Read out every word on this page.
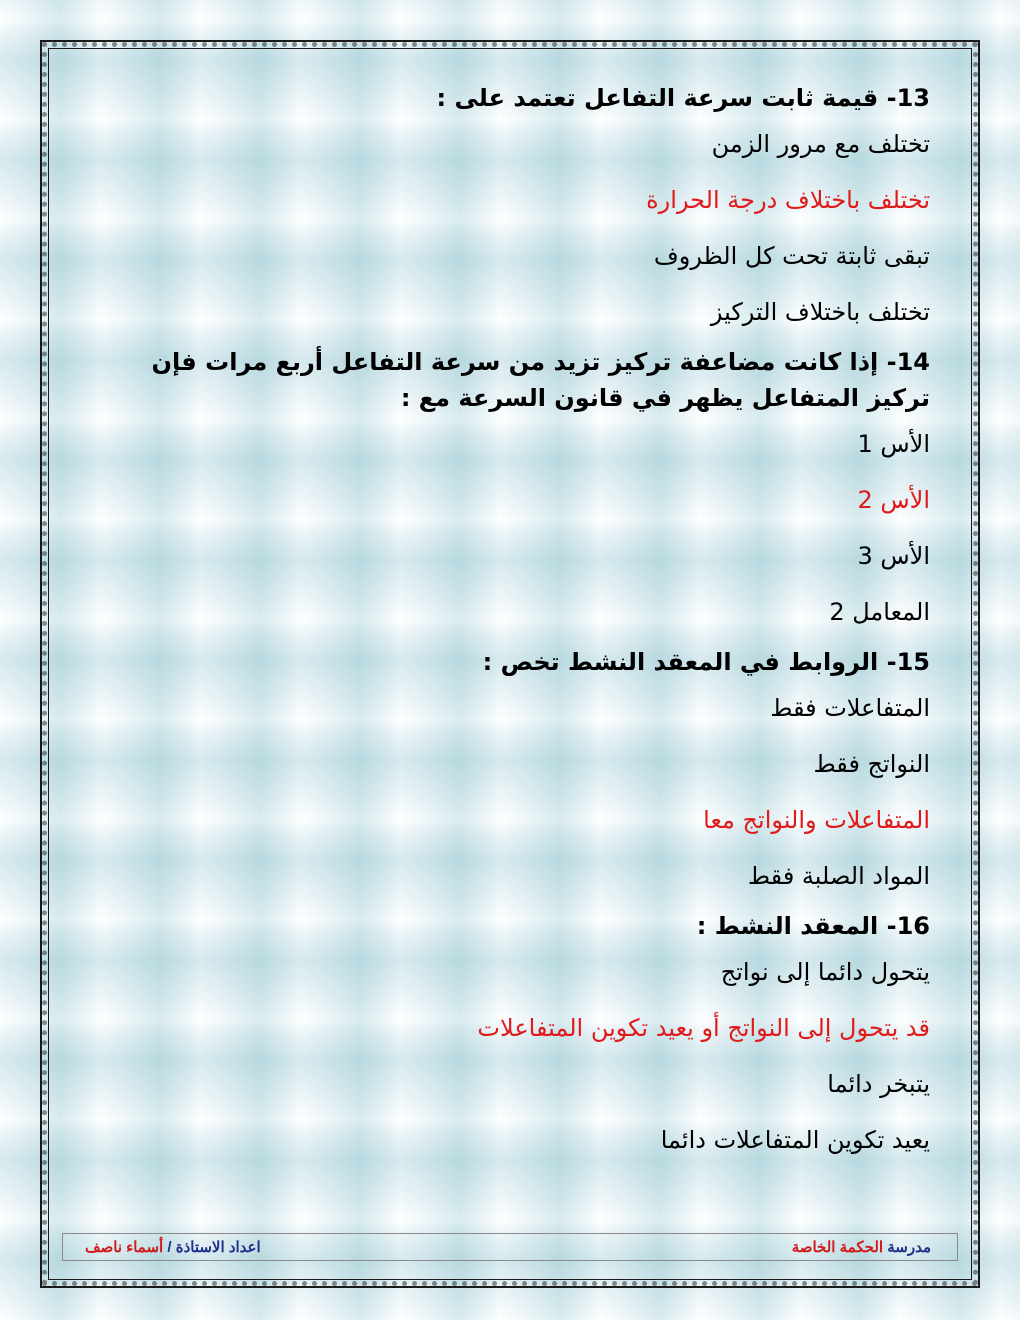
13- قيمة ثابت سرعة التفاعل تعتمد على :

تختلف مع مرور الزمن

تختلف باختلاف درجة الحرارة

تبقى ثابتة تحت كل الظروف

تختلف باختلاف التركيز

14- إذا كانت مضاعفة تركيز تزيد من سرعة التفاعل أربع مرات فإن تركيز المتفاعل يظهر في قانون السرعة مع :

الأس 1

الأس 2

الأس 3

المعامل 2

15- الروابط في المعقد النشط تخص :

المتفاعلات فقط

النواتج فقط

المتفاعلات والنواتج معا

المواد الصلبة فقط

16- المعقد النشط :

يتحول دائما إلى نواتج

قد يتحول إلى النواتج أو يعيد تكوين المتفاعلات

يتبخر دائما

يعيد تكوين المتفاعلات دائما

مدرسة الحكمة الخاصة
اعداد الاستاذة / أسماء ناصف
